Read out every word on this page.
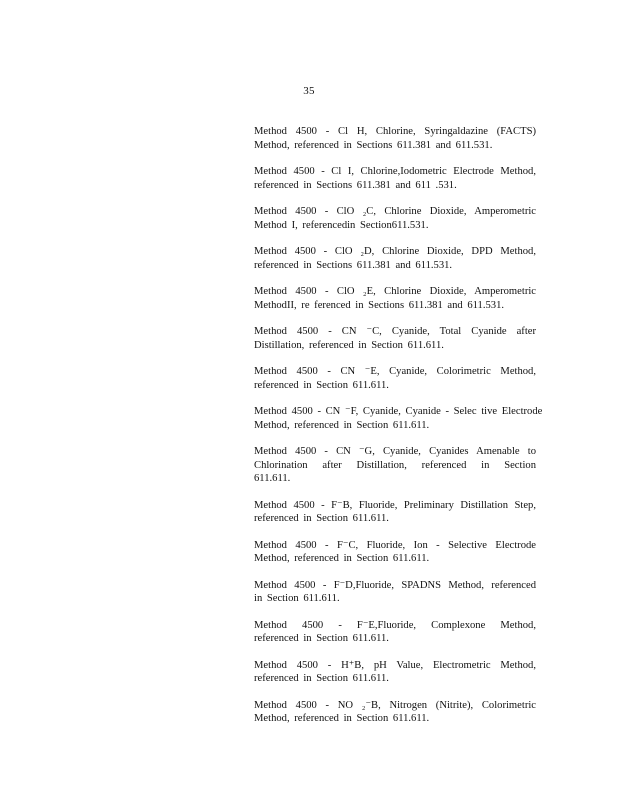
35
Method 4500 - Cl H, Chlorine, Syringaldazine (FACTS)
Method, referenced in Sections 611.381 and 611.531.
Method 4500 - Cl I, Chlorine,Iodometric Electrode Method,
referenced in Sections 611.381 and 611 .531.
Method 4500 - ClO ₂C, Chlorine Dioxide, Amperometric
Method I, referencedin Section611.531.
Method 4500 - ClO ₂D, Chlorine Dioxide, DPD Method,
referenced in Sections 611.381 and 611.531.
Method 4500 - ClO ₂E, Chlorine Dioxide, Amperometric
MethodII, re ferenced in Sections 611.381 and 611.531.
Method 4500 - CN ⁻C, Cyanide, Total Cyanide after
Distillation, referenced in Section 611.611.
Method 4500 - CN ⁻E, Cyanide, Colorimetric Method,
referenced in Section 611.611.
Method 4500 - CN ⁻F, Cyanide, Cyanide - Selec tive Electrode
Method, referenced in Section 611.611.
Method 4500 - CN ⁻G, Cyanide, Cyanides Amenable to
Chlorination after Distillation, referenced in Section
611.611.
Method 4500 - F⁻B, Fluoride, Preliminary Distillation Step,
referenced in Section 611.611.
Method 4500 - F⁻C, Fluoride, Ion - Selective Electrode
Method, referenced in Section 611.611.
Method 4500 - F⁻D,Fluoride, SPADNS Method, referenced
in Section 611.611.
Method 4500 - F⁻E,Fluoride, Complexone Method,
referenced in Section 611.611.
Method 4500 - H⁺B, pH Value, Electrometric Method,
referenced in Section 611.611.
Method 4500 - NO ₂⁻B, Nitrogen (Nitrite), Colorimetric
Method, referenced in Section 611.611.
